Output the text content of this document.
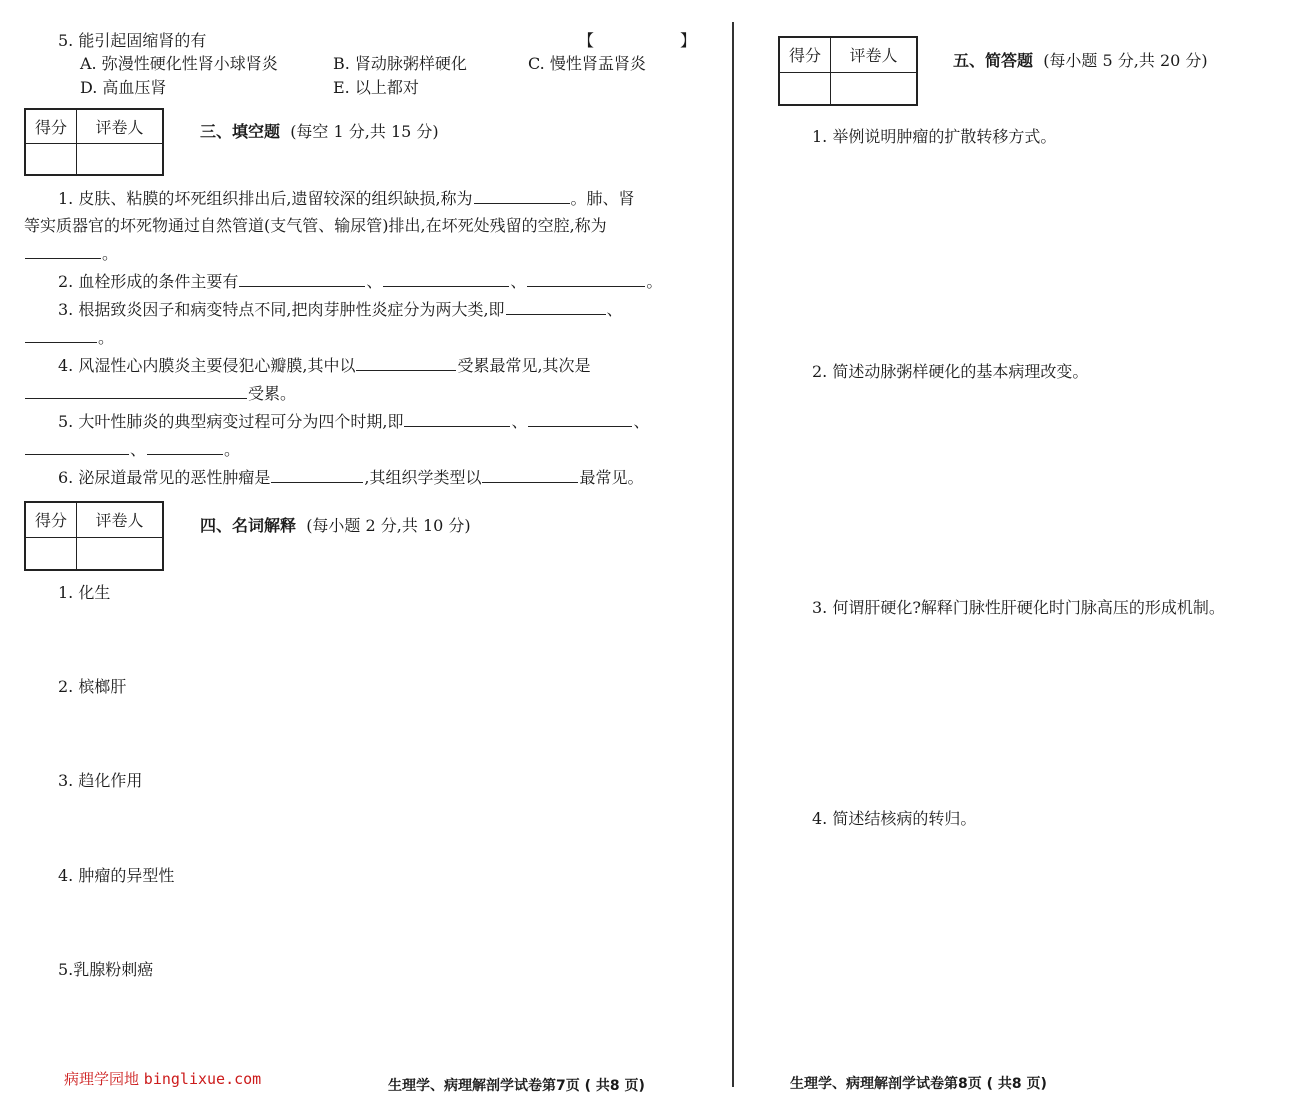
5. 能引起固缩肾的有	【	】
A. 弥漫性硬化性肾小球肾炎	B. 肾动脉粥样硬化	C. 慢性肾盂肾炎
D. 高血压肾	E. 以上都对
得分	评卷人
		三、填空题 (每空 1 分,共 15 分)
1. 皮肤、粘膜的坏死组织排出后,遗留较深的组织缺损,称为	。肺、肾
等实质器官的坏死物通过自然管道(支气管、输尿管)排出,在坏死处残留的空腔,称为
。
2. 血栓形成的条件主要有	、	、	。
3. 根据致炎因子和病变特点不同,把肉芽肿性炎症分为两大类,即	、
。
4. 风湿性心内膜炎主要侵犯心瓣膜,其中以	受累最常见,其次是
受累。
5. 大叶性肺炎的典型病变过程可分为四个时期,即	、	、
、	。
6. 泌尿道最常见的恶性肿瘤是	,其组织学类型以	最常见。
得分	评卷人
		四、名词解释 (每小题 2 分,共 10 分)
1. 化生
2. 槟榔肝
3. 趋化作用
4. 肿瘤的异型性
5.乳腺粉刺癌
病理学园地 binglixue.com	生理学、病理解剖学试卷第7页 ( 共8 页)
得分	评卷人
		五、简答题 (每小题 5 分,共 20 分)
1. 举例说明肿瘤的扩散转移方式。
2. 简述动脉粥样硬化的基本病理改变。
3. 何谓肝硬化?解释门脉性肝硬化时门脉高压的形成机制。
4. 简述结核病的转归。
生理学、病理解剖学试卷第8页 ( 共8 页)
